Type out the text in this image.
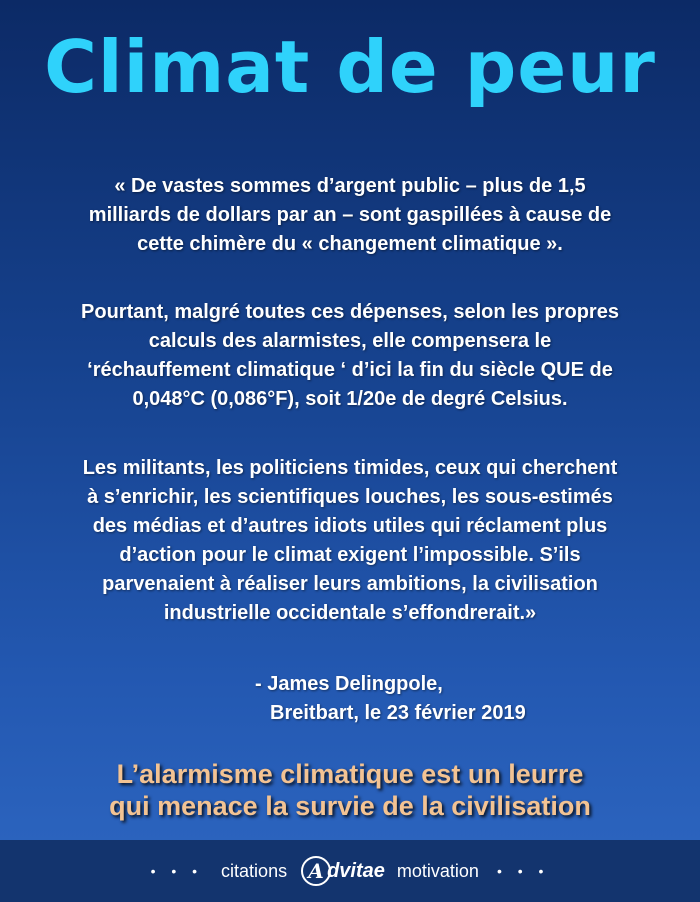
Climat de peur
« De vastes sommes d’argent public – plus de 1,5
milliards de dollars par an – sont gaspillées à cause de
cette chimère du « changement climatique ».
Pourtant, malgré toutes ces dépenses, selon les propres
calculs des alarmistes, elle compensera le
‘réchauffement climatique ‘ d’ici la fin du siècle QUE de
0,048°C (0,086°F), soit 1/20e de degré Celsius.
Les militants, les politiciens timides, ceux qui cherchent
à s’enrichir, les scientifiques louches, les sous-estimés
des médias et d’autres idiots utiles qui réclament plus
d’action pour le climat exigent l’impossible. S’ils
parvenaient à réaliser leurs ambitions, la civilisation
industrielle occidentale s’effondrerait.»
- James Delingpole,
Breitbart, le 23 février 2019
L’alarmisme climatique est un leurre
qui menace la survie de la civilisation
• • • citations A dvitae motivation • • •
